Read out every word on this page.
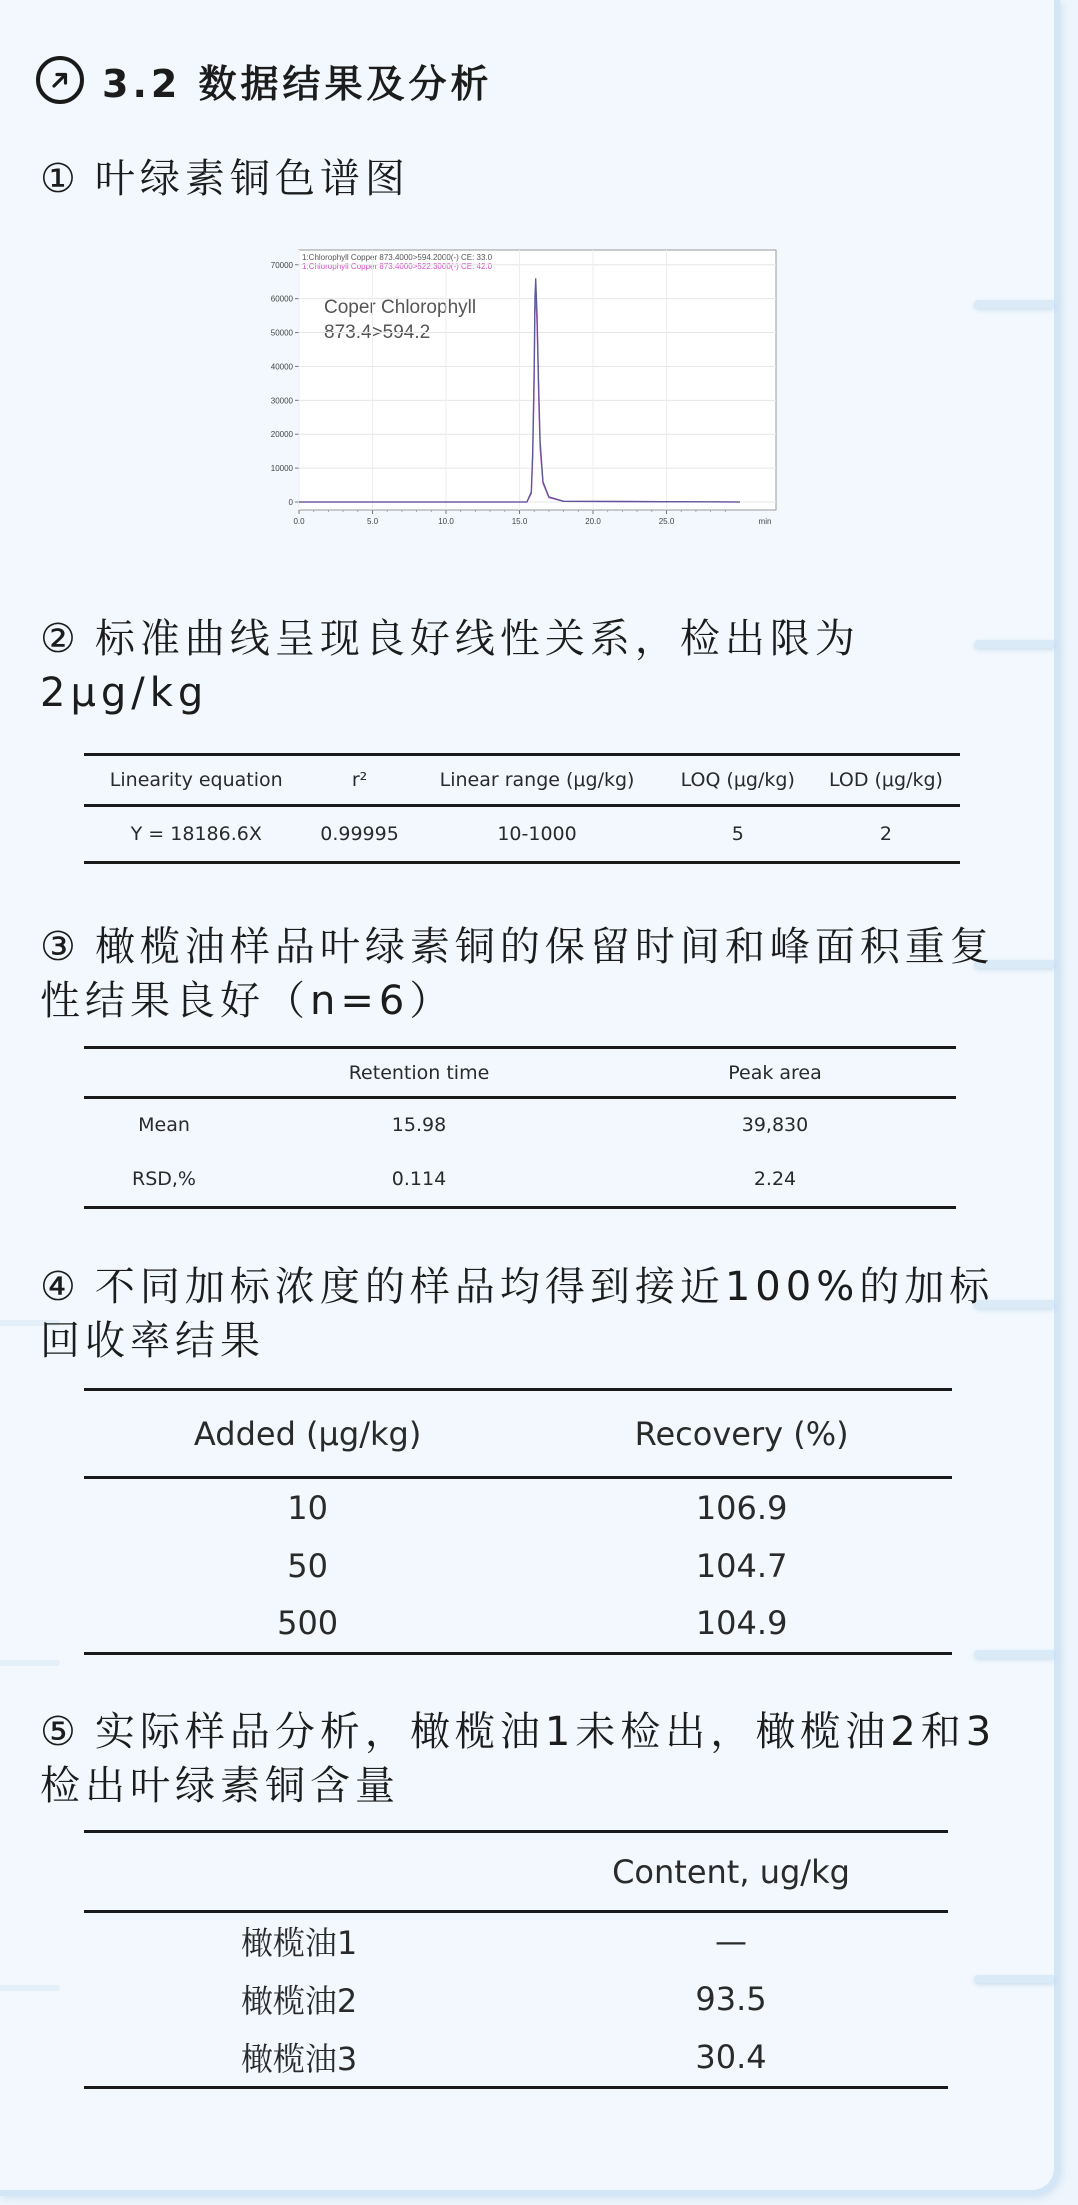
3.2 数据结果及分析
① 叶绿素铜色谱图
1:Chlorophyll Copper 873.4000>594.2000(-) CE: 33.0
1:Chlorophyll Copper 873.4000>522.3000(-) CE: 42.0
Coper Chlorophyll
873.4>594.2
0
10000
20000
30000
40000
50000
60000
70000
0.0	5.0	10.0	15.0	20.0	25.0	min
② 标准曲线呈现良好线性关系，检出限为2μg/kg
Linearity equation	r²	Linear range (μg/kg)	LOQ (μg/kg)	LOD (μg/kg)
Y = 18186.6X	0.99995	10-1000	5	2
③ 橄榄油样品叶绿素铜的保留时间和峰面积重复性结果良好（n=6）
	Retention time	Peak area
Mean	15.98	39,830
RSD,%	0.114	2.24
④ 不同加标浓度的样品均得到接近100%的加标回收率结果
Added (μg/kg)	Recovery (%)
10	106.9
50	104.7
500	104.9
⑤ 实际样品分析，橄榄油1未检出，橄榄油2和3检出叶绿素铜含量
	Content, ug/kg
橄榄油1	—
橄榄油2	93.5
橄榄油3	30.4
